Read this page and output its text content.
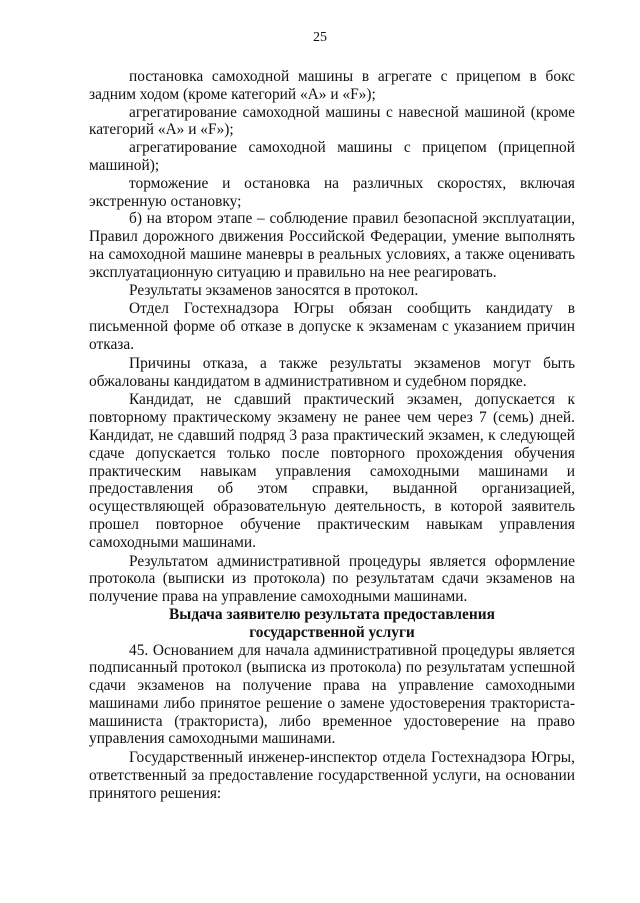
25

постановка самоходной машины в агрегате с прицепом в бокс задним ходом (кроме категорий «А» и «F»);

агрегатирование самоходной машины с навесной машиной (кроме категорий «А» и «F»);

агрегатирование самоходной машины с прицепом (прицепной машиной);

торможение и остановка на различных скоростях, включая экстренную остановку;

б) на втором этапе – соблюдение правил безопасной эксплуатации, Правил дорожного движения Российской Федерации, умение выполнять на самоходной машине маневры в реальных условиях, а также оценивать эксплуатационную ситуацию и правильно на нее реагировать.

Результаты экзаменов заносятся в протокол.

Отдел Гостехнадзора Югры обязан сообщить кандидату в письменной форме об отказе в допуске к экзаменам с указанием причин отказа.

Причины отказа, а также результаты экзаменов могут быть обжалованы кандидатом в административном и судебном порядке.

Кандидат, не сдавший практический экзамен, допускается к повторному практическому экзамену не ранее чем через 7 (семь) дней. Кандидат, не сдавший подряд 3 раза практический экзамен, к следующей сдаче допускается только после повторного прохождения обучения практическим навыкам управления самоходными машинами и предоставления об этом справки, выданной организацией, осуществляющей образовательную деятельность, в которой заявитель прошел повторное обучение практическим навыкам управления самоходными машинами.

Результатом административной процедуры является оформление протокола (выписки из протокола) по результатам сдачи экзаменов на получение права на управление самоходными машинами.

Выдача заявителю результата предоставления
государственной услуги

45. Основанием для начала административной процедуры является подписанный протокол (выписка из протокола) по результатам успешной сдачи экзаменов на получение права на управление самоходными машинами либо принятое решение о замене удостоверения тракториста-машиниста (тракториста), либо временное удостоверение на право управления самоходными машинами.

Государственный инженер-инспектор отдела Гостехнадзора Югры, ответственный за предоставление государственной услуги, на основании принятого решения:
